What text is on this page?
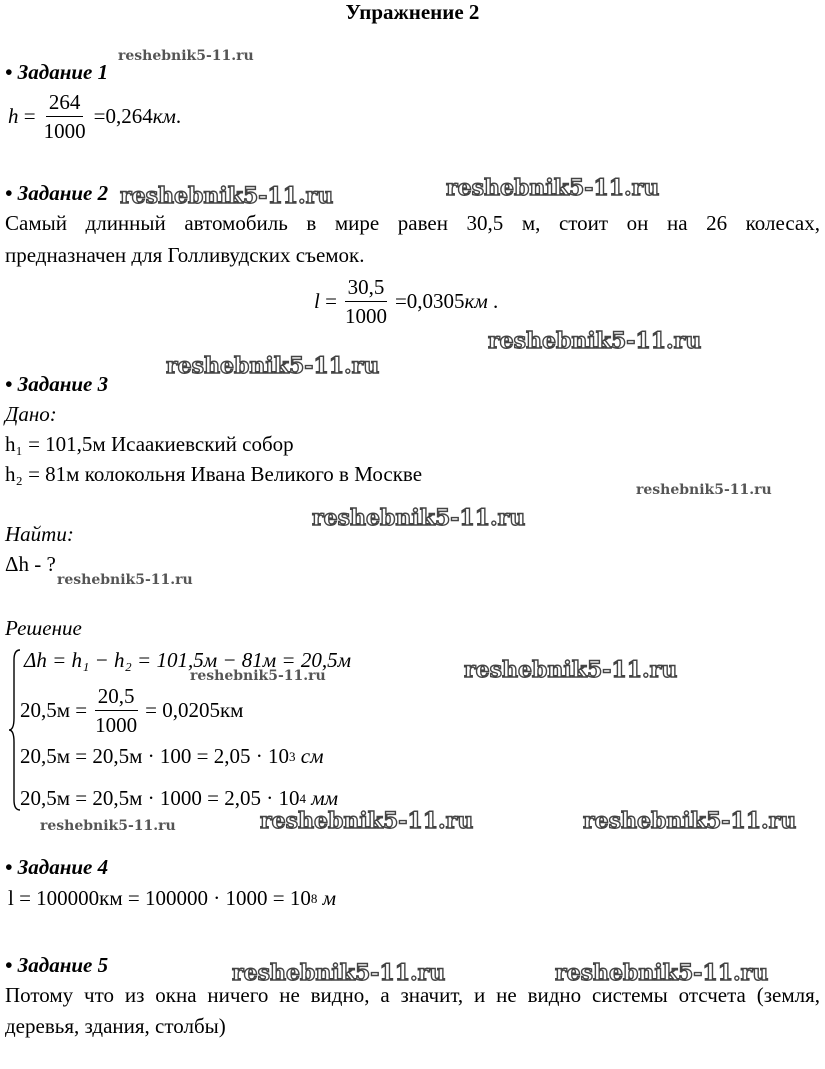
Упражнение 2
• Задание 1
$h = \frac{264}{1000} = 0,264$ км .
• Задание 2
Самый длинный автомобиль в мире равен 30,5 м, стоит он на 26 колесах,
предназначен для Голливудских съемок.
$l = \frac{30,5}{1000} = 0,0305$ км
.
• Задание 3
Дано:
h₁ = 101,5м Исаакиевский собор
h₂ = 81м колокольня Ивана Великого в Москве
Найти:
Δh - ?
Решение
Δh = h₁ − h₂ = 101,5м − 81м = 20,5м
$20,5м = \frac{20,5}{1000} = 0,0205км$
20,5м = 20,5м · 100 = 2,05 · 10 3
см
20,5м = 20,5м · 1000 = 2,05 · 10 4
мм
• Задание 4
l = 100000км = 100000 · 1000 = 10 8
м
• Задание 5
Потому что из окна ничего не видно, а значит, и не видно системы отсчета (земля,
деревья, здания, столбы)
reshebnik5-11.ru
reshebnik5-11.ru	reshebnik5-11.ru
reshebnik5-11.ru
reshebnik5-11.ru
reshebnik5-11.ru
reshebnik5-11.ru
reshebnik5-11.ru
reshebnik5-11.ru
reshebnik5-11.ru
reshebnik5-11.ru	reshebnik5-11.ru	reshebnik5-11.ru
reshebnik5-11.ru	reshebnik5-11.ru
